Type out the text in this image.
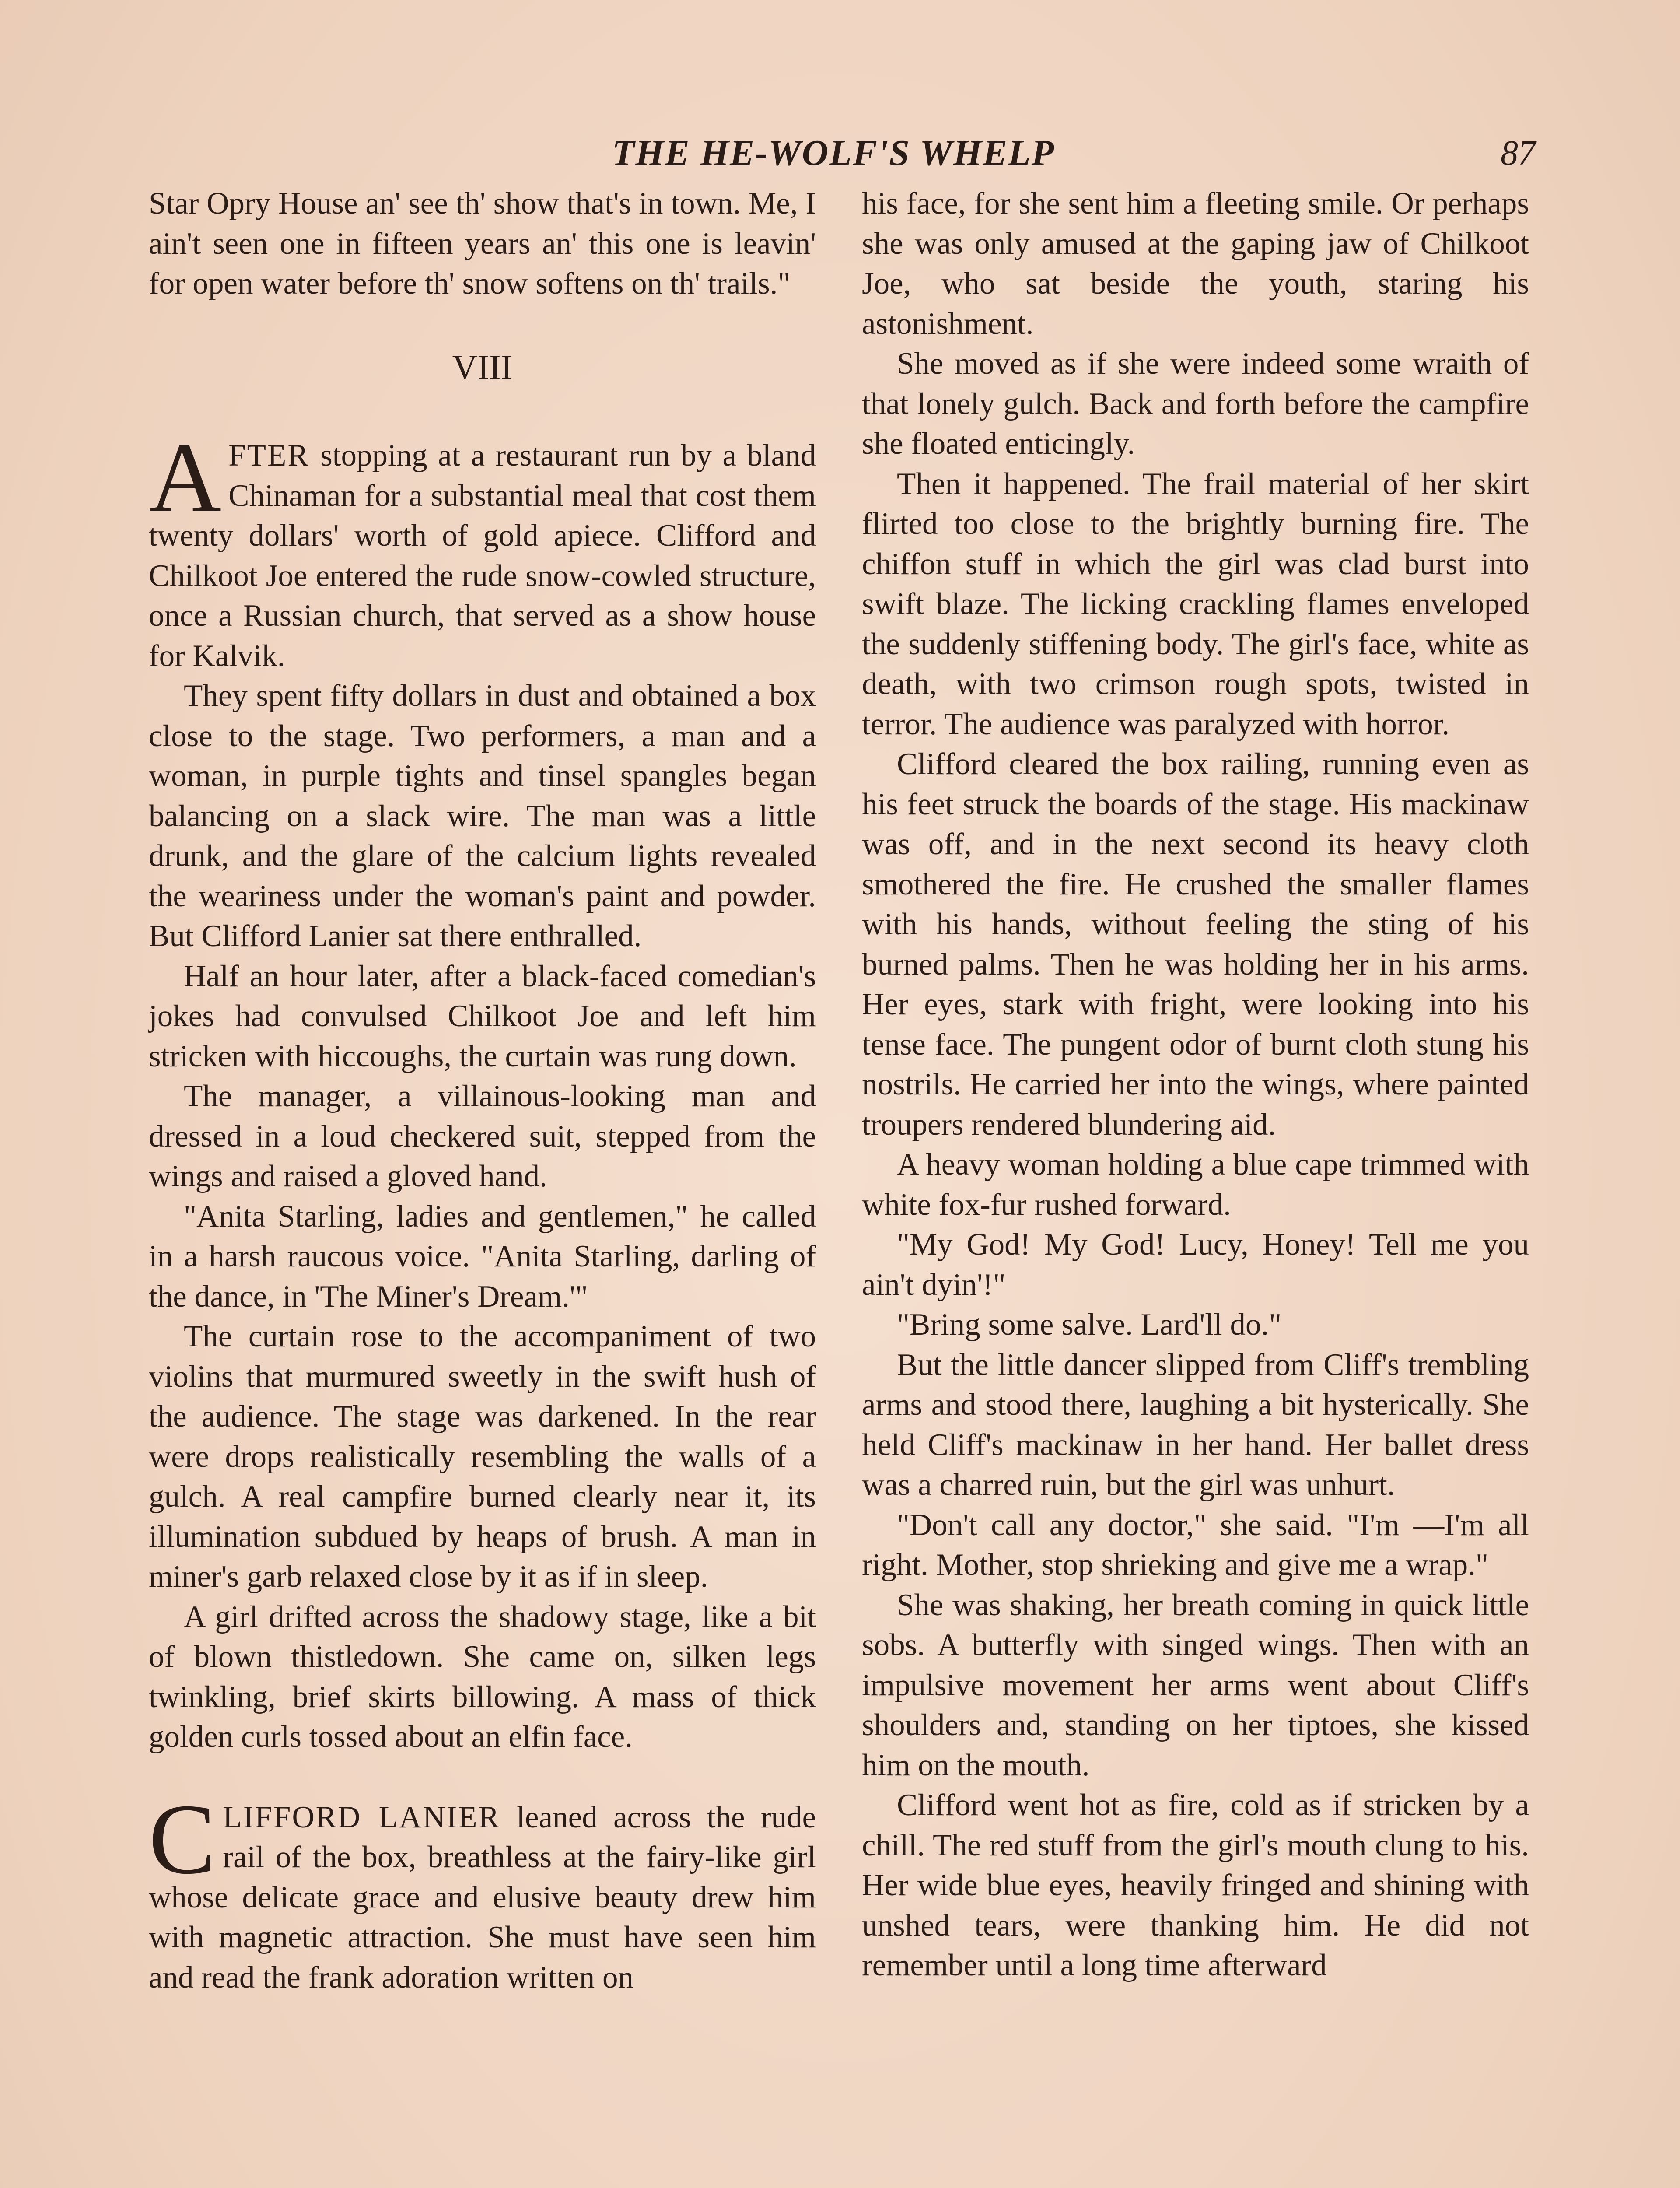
THE HE-WOLF'S WHELP	87

Star Opry House an' see th' show that's in town. Me, I ain't seen one in fifteen years an' this one is leavin' for open water before th' snow softens on th' trails."

VIII

AFTER stopping at a restaurant run by a bland Chinaman for a substantial meal that cost them twenty dollars' worth of gold apiece. Clifford and Chilkoot Joe entered the rude snow-cowled structure, once a Russian church, that served as a show house for Kalvik.

They spent fifty dollars in dust and obtained a box close to the stage. Two performers, a man and a woman, in purple tights and tinsel spangles began balancing on a slack wire. The man was a little drunk, and the glare of the calcium lights revealed the weariness under the woman's paint and powder. But Clifford Lanier sat there enthralled.

Half an hour later, after a black-faced comedian's jokes had convulsed Chilkoot Joe and left him stricken with hiccoughs, the curtain was rung down.

The manager, a villainous-looking man and dressed in a loud checkered suit, stepped from the wings and raised a gloved hand.

"Anita Starling, ladies and gentlemen," he called in a harsh raucous voice. "Anita Starling, darling of the dance, in 'The Miner's Dream.'"

The curtain rose to the accompaniment of two violins that murmured sweetly in the swift hush of the audience. The stage was darkened. In the rear were drops realistically resembling the walls of a gulch. A real campfire burned clearly near it, its illumination subdued by heaps of brush. A man in miner's garb relaxed close by it as if in sleep.

A girl drifted across the shadowy stage, like a bit of blown thistledown. She came on, silken legs twinkling, brief skirts billowing. A mass of thick golden curls tossed about an elfin face.

CLIFFORD LANIER leaned across the rude rail of the box, breathless at the fairy-like girl whose delicate grace and elusive beauty drew him with magnetic attraction. She must have seen him and read the frank adoration written on

his face, for she sent him a fleeting smile. Or perhaps she was only amused at the gaping jaw of Chilkoot Joe, who sat beside the youth, staring his astonishment.

She moved as if she were indeed some wraith of that lonely gulch. Back and forth before the campfire she floated enticingly.

Then it happened. The frail material of her skirt flirted too close to the brightly burning fire. The chiffon stuff in which the girl was clad burst into swift blaze. The licking crackling flames enveloped the suddenly stiffening body. The girl's face, white as death, with two crimson rough spots, twisted in terror. The audience was paralyzed with horror.

Clifford cleared the box railing, running even as his feet struck the boards of the stage. His mackinaw was off, and in the next second its heavy cloth smothered the fire. He crushed the smaller flames with his hands, without feeling the sting of his burned palms. Then he was holding her in his arms. Her eyes, stark with fright, were looking into his tense face. The pungent odor of burnt cloth stung his nostrils. He carried her into the wings, where painted troupers rendered blundering aid.

A heavy woman holding a blue cape trimmed with white fox-fur rushed forward.

"My God! My God! Lucy, Honey! Tell me you ain't dyin'!"

"Bring some salve. Lard'll do."

But the little dancer slipped from Cliff's trembling arms and stood there, laughing a bit hysterically. She held Cliff's mackinaw in her hand. Her ballet dress was a charred ruin, but the girl was unhurt.

"Don't call any doctor," she said. "I'm —I'm all right. Mother, stop shrieking and give me a wrap."

She was shaking, her breath coming in quick little sobs. A butterfly with singed wings. Then with an impulsive movement her arms went about Cliff's shoulders and, standing on her tiptoes, she kissed him on the mouth.

Clifford went hot as fire, cold as if stricken by a chill. The red stuff from the girl's mouth clung to his. Her wide blue eyes, heavily fringed and shining with unshed tears, were thanking him. He did not remember until a long time afterward
